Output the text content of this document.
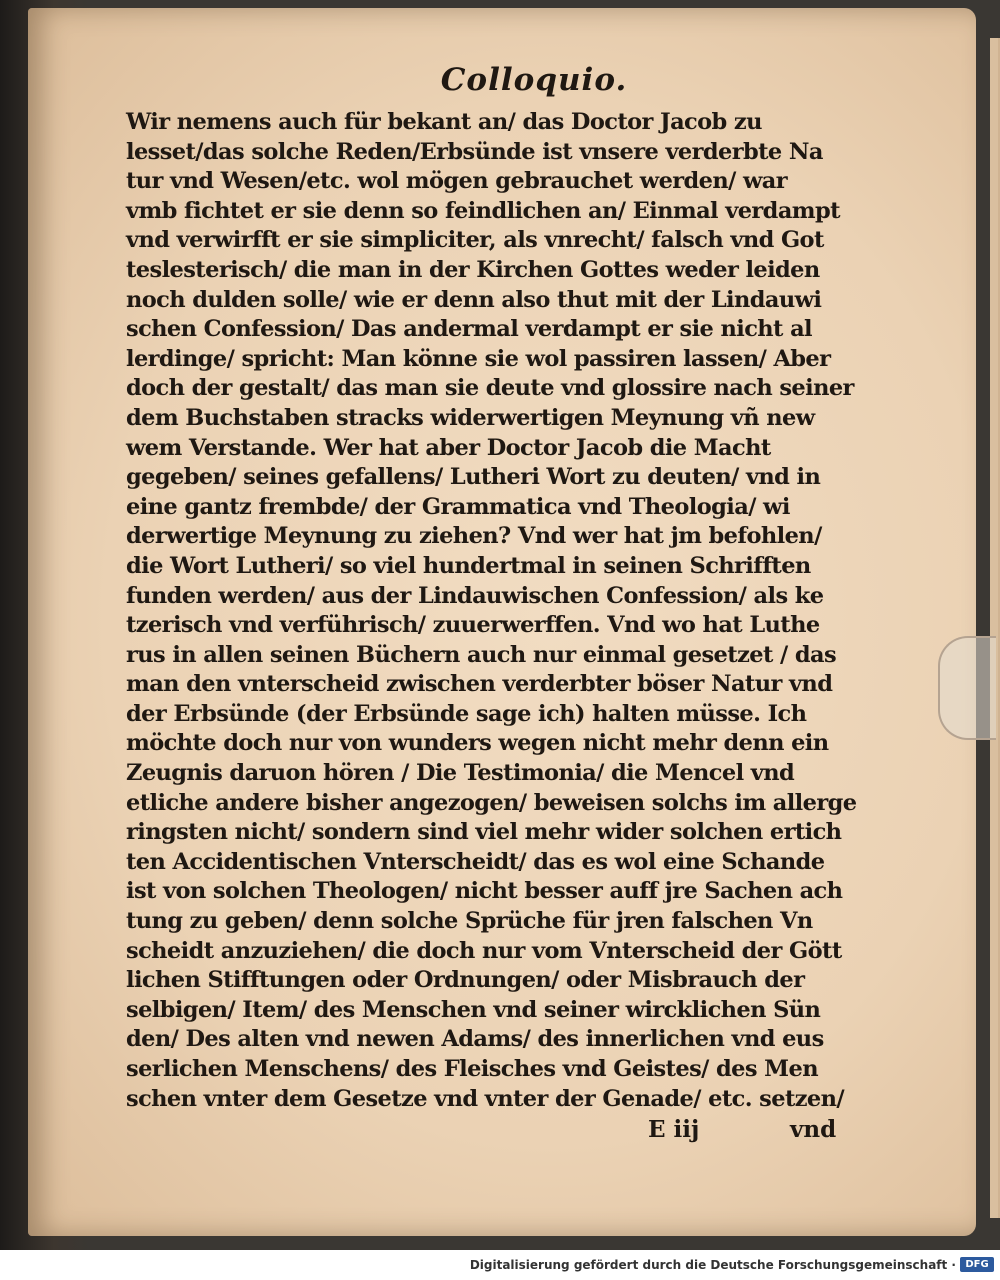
Colloquio.
Wir nemens auch für bekant an/ das Doctor Jacob zu
lesset/das solche Reden/Erbsünde ist vnsere verderbte Na
tur vnd Wesen/etc. wol mögen gebrauchet werden/ war
vmb fichtet er sie denn so feindlichen an/ Einmal verdampt
vnd verwirfft er sie simpliciter, als vnrecht/ falsch vnd Got
teslesterisch/ die man in der Kirchen Gottes weder leiden
noch dulden solle/ wie er denn also thut mit der Lindauwi
schen Confession/ Das andermal verdampt er sie nicht al
lerdinge/ spricht: Man könne sie wol passiren lassen/ Aber
doch der gestalt/ das man sie deute vnd glossire nach seiner
dem Buchstaben stracks widerwertigen Meynung vñ new
wem Verstande. Wer hat aber Doctor Jacob die Macht
gegeben/ seines gefallens/ Lutheri Wort zu deuten/ vnd in
eine gantz frembde/ der Grammatica vnd Theologia/ wi
derwertige Meynung zu ziehen? Vnd wer hat jm befohlen/
die Wort Lutheri/ so viel hundertmal in seinen Schrifften
funden werden/ aus der Lindauwischen Confession/ als ke
tzerisch vnd verführisch/ zuuerwerffen. Vnd wo hat Luthe
rus in allen seinen Büchern auch nur einmal gesetzet / das
man den vnterscheid zwischen verderbter böser Natur vnd
der Erbsünde (der Erbsünde sage ich) halten müsse. Ich
möchte doch nur von wunders wegen nicht mehr denn ein
Zeugnis daruon hören / Die Testimonia/ die Mencel vnd
etliche andere bisher angezogen/ beweisen solchs im allerge
ringsten nicht/ sondern sind viel mehr wider solchen ertich
ten Accidentischen Vnterscheidt/ das es wol eine Schande
ist von solchen Theologen/ nicht besser auff jre Sachen ach
tung zu geben/ denn solche Sprüche für jren falschen Vn
scheidt anzuziehen/ die doch nur vom Vnterscheid der Gött
lichen Stifftungen oder Ordnungen/ oder Misbrauch der
selbigen/ Item/ des Menschen vnd seiner wircklichen Sün
den/ Des alten vnd newen Adams/ des innerlichen vnd eus
serlichen Menschens/ des Fleisches vnd Geistes/ des Men
schen vnter dem Gesetze vnd vnter der Genade/ etc. setzen/
E iij	vnd
Digitalisierung gefördert durch die Deutsche Forschungsgemeinschaft · DFG
